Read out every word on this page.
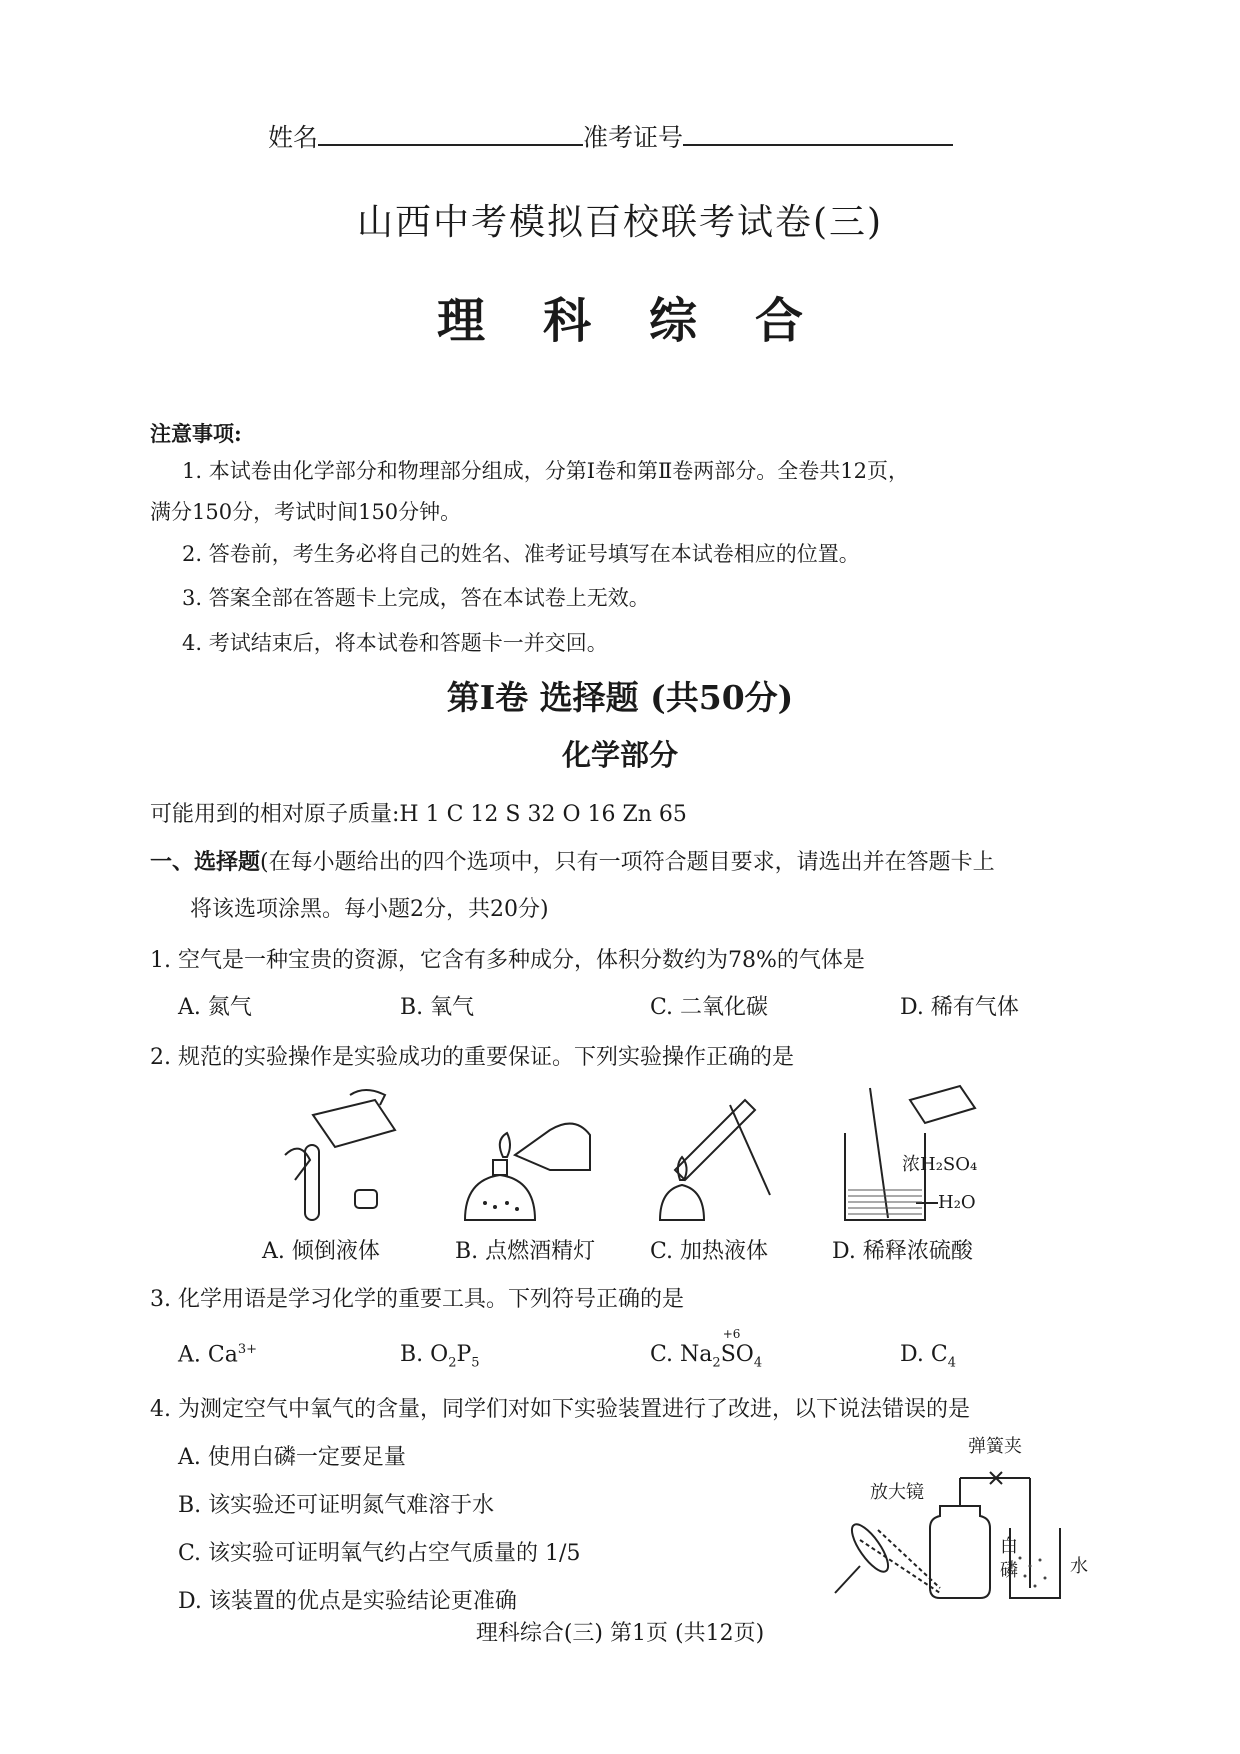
姓名	准考证号
山西中考模拟百校联考试卷(三)
理科综合
注意事项:
1. 本试卷由化学部分和物理部分组成，分第Ⅰ卷和第Ⅱ卷两部分。全卷共12页，
满分150分，考试时间150分钟。
2. 答卷前，考生务必将自己的姓名、准考证号填写在本试卷相应的位置。
3. 答案全部在答题卡上完成，答在本试卷上无效。
4. 考试结束后，将本试卷和答题卡一并交回。
第Ⅰ卷 选择题 (共50分)
化学部分
可能用到的相对原子质量:H 1 C 12 S 32 O 16 Zn 65
一、选择题(在每小题给出的四个选项中，只有一项符合题目要求，请选出并在答题卡上
将该选项涂黑。每小题2分，共20分)
1. 空气是一种宝贵的资源，它含有多种成分，体积分数约为78%的气体是
A. 氮气	B. 氧气	C. 二氧化碳	D. 稀有气体
2. 规范的实验操作是实验成功的重要保证。下列实验操作正确的是
浓H₂SO₄
H₂O
A. 倾倒液体	B. 点燃酒精灯 C. 加热液体	D. 稀释浓硫酸
3. 化学用语是学习化学的重要工具。下列符号正确的是
A. $Ca^{3+}$	B. $O_2P_5$	C. $Na_2$
+6
$SO_4$	D. $C_4$
4. 为测定空气中氧气的含量，同学们对如下实验装置进行了改进，以下说法错误的是
A. 使用白磷一定要足量
B. 该实验还可证明氮气难溶于水
C. 该实验可证明氧气约占空气质量的 1/5
D. 该装置的优点是实验结论更准确
弹簧夹
放大镜
白
磷	水
理科综合(三) 第1页 (共12页)
